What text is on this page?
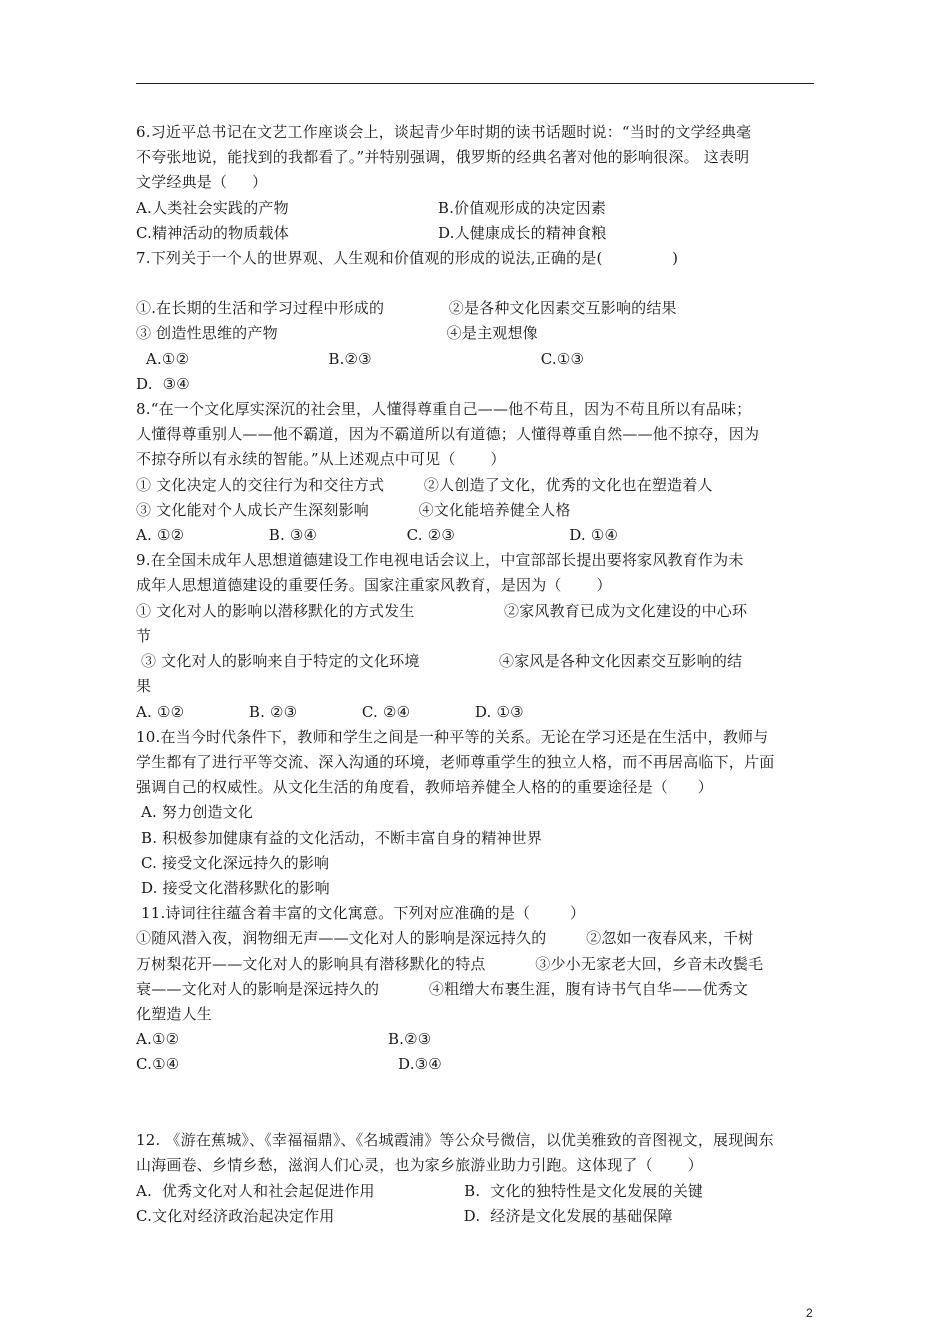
6.习近平总书记在文艺工作座谈会上，谈起青少年时期的读书话题时说：“当时的文学经典毫
不夸张地说，能找到的我都看了。”并特别强调，俄罗斯的经典名著对他的影响很深。 这表明
文学经典是（     ）
A.人类社会实践的产物                              B.价值观形成的决定因素
C.精神活动的物质载体                              D.人健康成长的精神食粮
7.下列关于一个人的世界观、人生观和价值观的形成的说法,正确的是(              )
①.在长期的生活和学习过程中形成的             ②是各种文化因素交互影响的结果
③ 创造性思维的产物                                  ④是主观想像
A.①②                            B.②③                                  C.①③
D.  ③④
8.“在一个文化厚实深沉的社会里，人懂得尊重自己——他不苟且，因为不苟且所以有品味；
人懂得尊重别人——他不霸道，因为不霸道所以有道德；人懂得尊重自然——他不掠夺，因为
不掠夺所以有永续的智能。”从上述观点中可见（       ）
① 文化决定人的交往行为和交往方式        ②人创造了文化，优秀的文化也在塑造着人
③ 文化能对个人成长产生深刻影响          ④文化能培养健全人格
A. ①②                 B. ③④                  C. ②③                       D. ①④
9.在全国未成年人思想道德建设工作电视电话会议上，中宣部部长提出要将家风教育作为未
成年人思想道德建设的重要任务。国家注重家风教育，是因为（       ）
① 文化对人的影响以潜移默化的方式发生                  ②家风教育已成为文化建设的中心环
节
③ 文化对人的影响来自于特定的文化环境                ④家风是各种文化因素交互影响的结
果
A. ①②             B. ②③             C. ②④             D. ①③
10.在当今时代条件下，教师和学生之间是一种平等的关系。无论在学习还是在生活中，教师与
学生都有了进行平等交流、深入沟通的环境，老师尊重学生的独立人格，而不再居高临下，片面
强调自己的权威性。从文化生活的角度看，教师培养健全人格的的重要途径是（      ）
A. 努力创造文化
B. 积极参加健康有益的文化活动，不断丰富自身的精神世界
C. 接受文化深远持久的影响
D. 接受文化潜移默化的影响
11.诗词往往蕴含着丰富的文化寓意。下列对应准确的是（        ）
①随风潜入夜，润物细无声——文化对人的影响是深远持久的        ②忽如一夜春风来，千树
万树梨花开——文化对人的影响具有潜移默化的特点          ③少小无家老大回，乡音未改鬓毛
衰——文化对人的影响是深远持久的          ④粗缯大布裹生涯，腹有诗书气自华——优秀文
化塑造人生
A.①②                                          B.②③
C.①④                                            D.③④
12. 《游在蕉城》、《幸福福鼎》、《名城霞浦》等公众号微信，以优美雅致的音图视文，展现闽东
山海画卷、乡情乡愁，滋润人们心灵，也为家乡旅游业助力引跑。这体现了（       ）
A.  优秀文化对人和社会起促进作用                  B.  文化的独特性是文化发展的关键
C.文化对经济政治起决定作用                          D.  经济是文化发展的基础保障
2
